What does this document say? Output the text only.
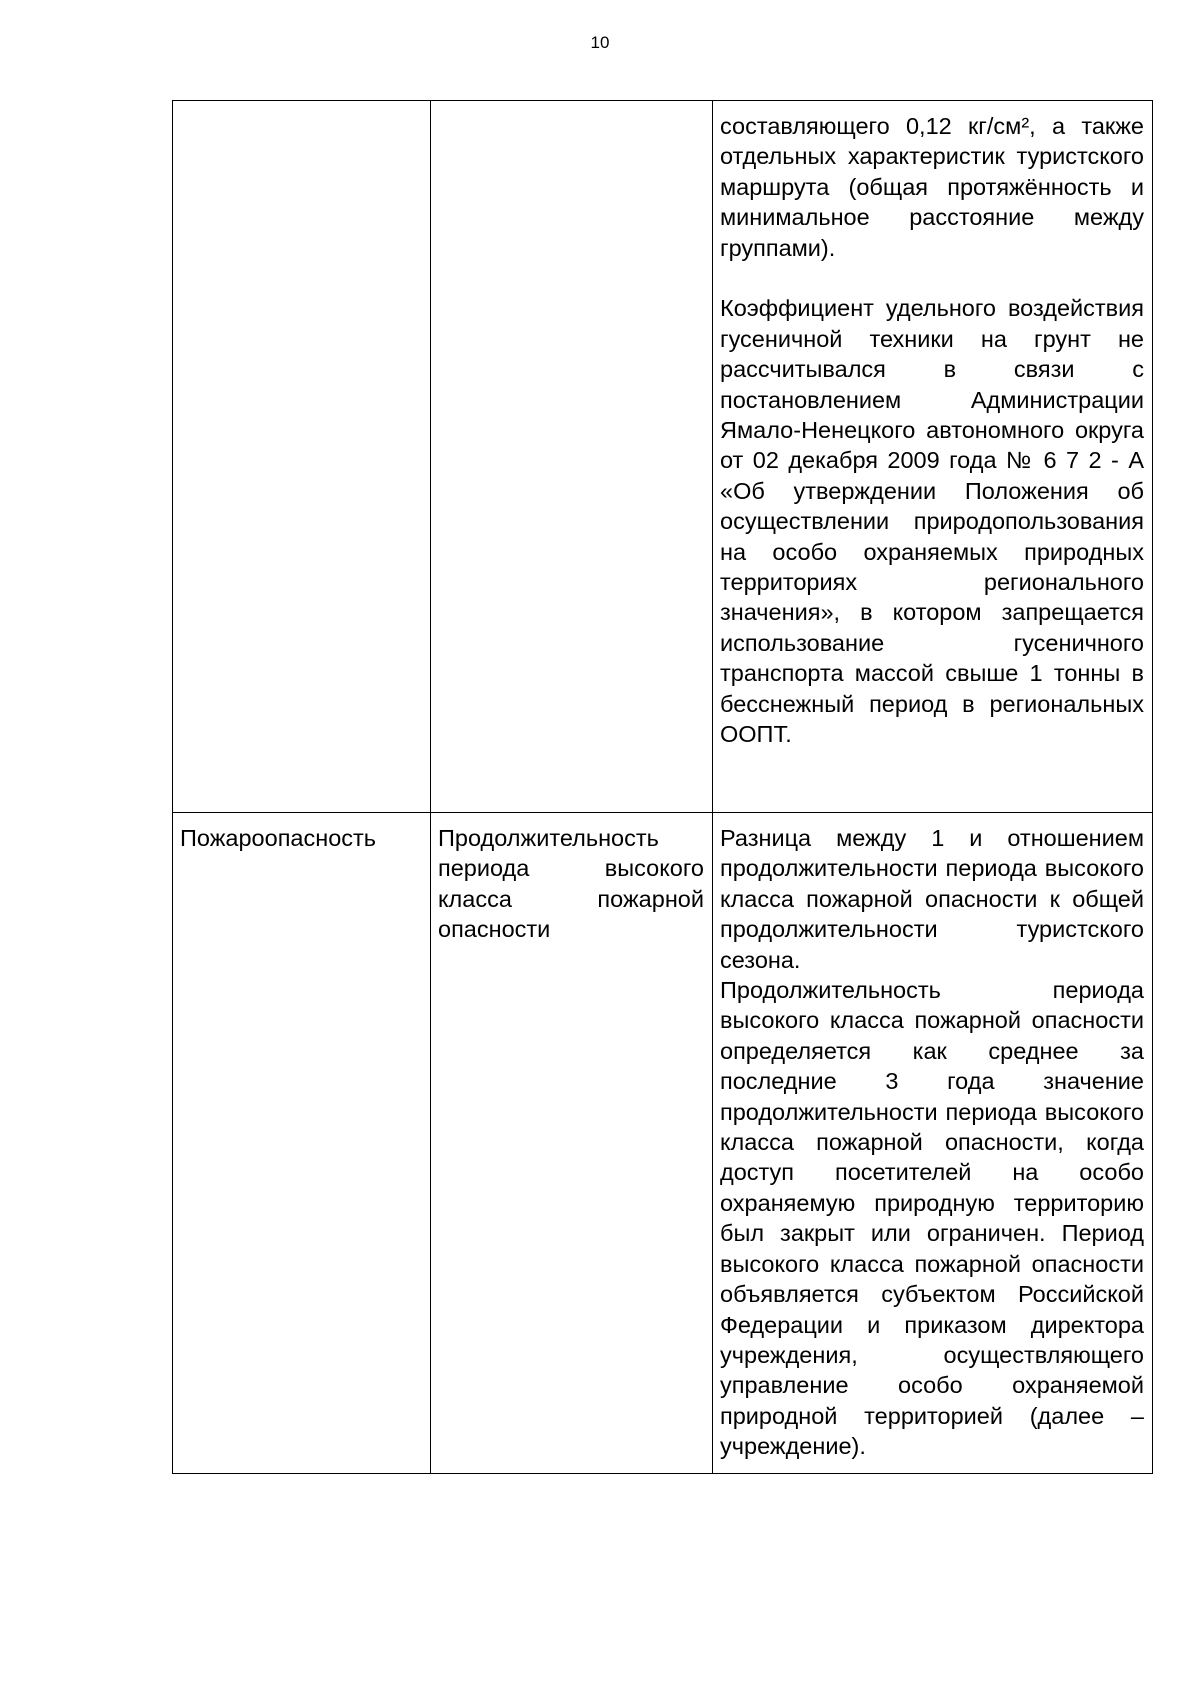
10

		составляющего 0,12 кг/см², а также отдельных характеристик туристского маршрута (общая протяжённость и минимальное расстояние между группами).
Коэффициент удельного воздействия гусеничной техники на грунт не рассчитывался в связи с постановлением Администрации Ямало-Ненецкого автономного округа от 02 декабря 2009 года № 6 7 2 - А «Об утверждении Положения об осуществлении природопользования на особо охраняемых природных территориях регионального значения», в котором запрещается использование гусеничного транспорта массой свыше 1 тонны в бесснежный период в региональных ООПТ.

Пожароопасность	Продолжительность периода высокого класса пожарной опасности	Разница между 1 и отношением продолжительности периода высокого класса пожарной опасности к общей продолжительности туристского сезона.
Продолжительность периода высокого класса пожарной опасности определяется как среднее за последние 3 года значение продолжительности периода высокого класса пожарной опасности, когда доступ посетителей на особо охраняемую природную территорию был закрыт или ограничен. Период высокого класса пожарной опасности объявляется субъектом Российской Федерации и приказом директора учреждения, осуществляющего управление особо охраняемой природной территорией (далее – учреждение).
